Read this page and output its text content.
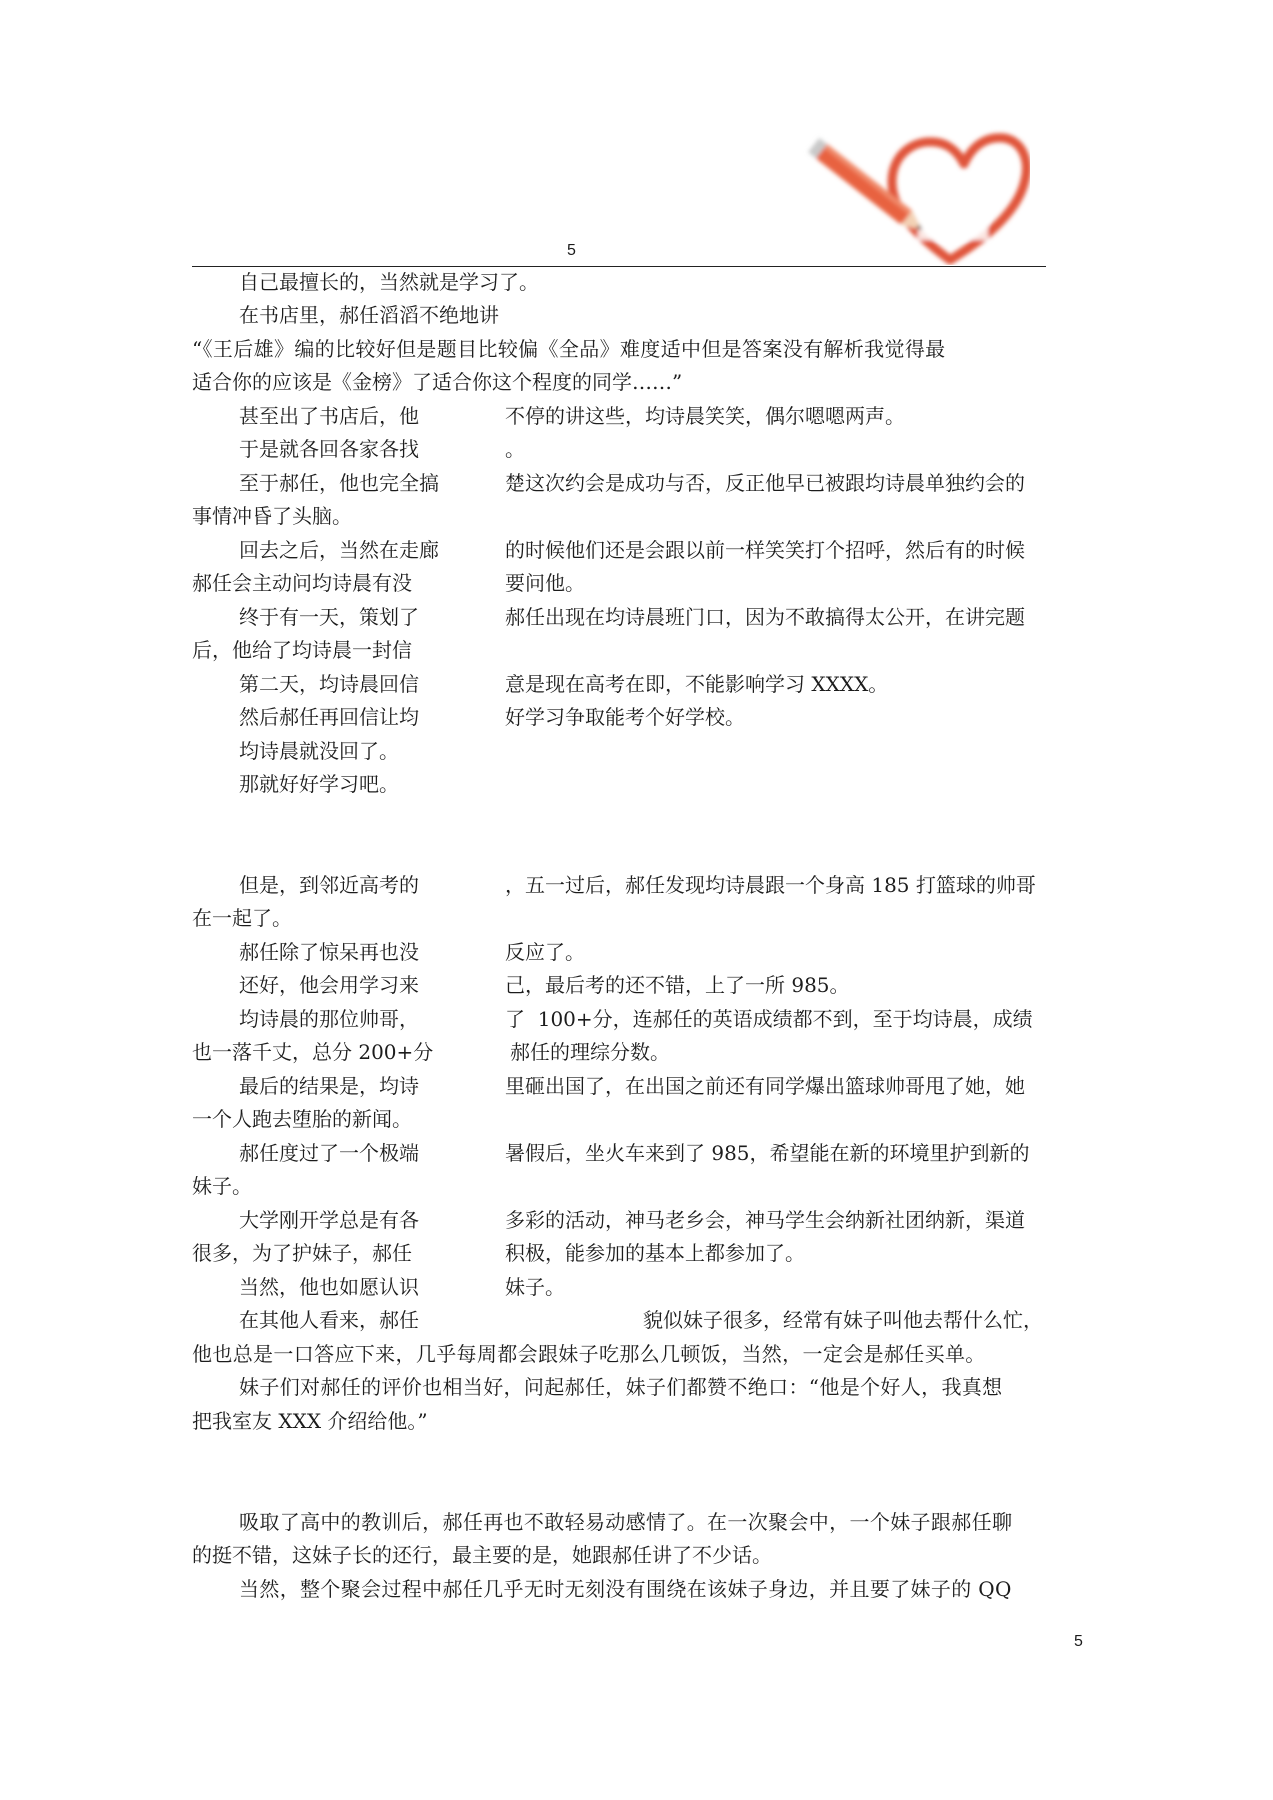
5
自己最擅长的，当然就是学习了。
在书店里，郝任滔滔不绝地讲
“《王后雄》编的比较好但是题目比较偏《全品》难度适中但是答案没有解析我觉得最
适合你的应该是《金榜》了适合你这个程度的同学……”
甚至出了书店后，他	不停的讲这些，均诗晨笑笑，偶尔嗯嗯两声。
于是就各回各家各找	。
至于郝任，他也完全搞	楚这次约会是成功与否，反正他早已被跟均诗晨单独约会的
事情冲昏了头脑。
回去之后，当然在走廊	的时候他们还是会跟以前一样笑笑打个招呼，然后有的时候
郝任会主动问均诗晨有没	要问他。
终于有一天，策划了	郝任出现在均诗晨班门口，因为不敢搞得太公开，在讲完题
后，他给了均诗晨一封信
第二天，均诗晨回信	意是现在高考在即，不能影响学习 XXXX。
然后郝任再回信让均	好学习争取能考个好学校。
均诗晨就没回了。
那就好好学习吧。
但是，到邻近高考的	，五一过后，郝任发现均诗晨跟一个身高 185 打篮球的帅哥
在一起了。
郝任除了惊呆再也没	反应了。
还好，他会用学习来	己，最后考的还不错，上了一所 985。
均诗晨的那位帅哥，	了  100+分，连郝任的英语成绩都不到，至于均诗晨，成绩
也一落千丈，总分 200+分	郝任的理综分数。
最后的结果是，均诗	里砸出国了，在出国之前还有同学爆出篮球帅哥甩了她，她
一个人跑去堕胎的新闻。
郝任度过了一个极端	暑假后，坐火车来到了 985，希望能在新的环境里护到新的
妹子。
大学刚开学总是有各	多彩的活动，神马老乡会，神马学生会纳新社团纳新，渠道
很多，为了护妹子，郝任	积极，能参加的基本上都参加了。
当然，他也如愿认识	妹子。
在其他人看来，郝任	貌似妹子很多，经常有妹子叫他去帮什么忙，
他也总是一口答应下来，几乎每周都会跟妹子吃那么几顿饭，当然，一定会是郝任买单。
妹子们对郝任的评价也相当好，问起郝任，妹子们都赞不绝口：“他是个好人，我真想
把我室友 XXX 介绍给他。”
吸取了高中的教训后，郝任再也不敢轻易动感情了。在一次聚会中，一个妹子跟郝任聊
的挺不错，这妹子长的还行，最主要的是，她跟郝任讲了不少话。
当然，整个聚会过程中郝任几乎无时无刻没有围绕在该妹子身边，并且要了妹子的 QQ
5
